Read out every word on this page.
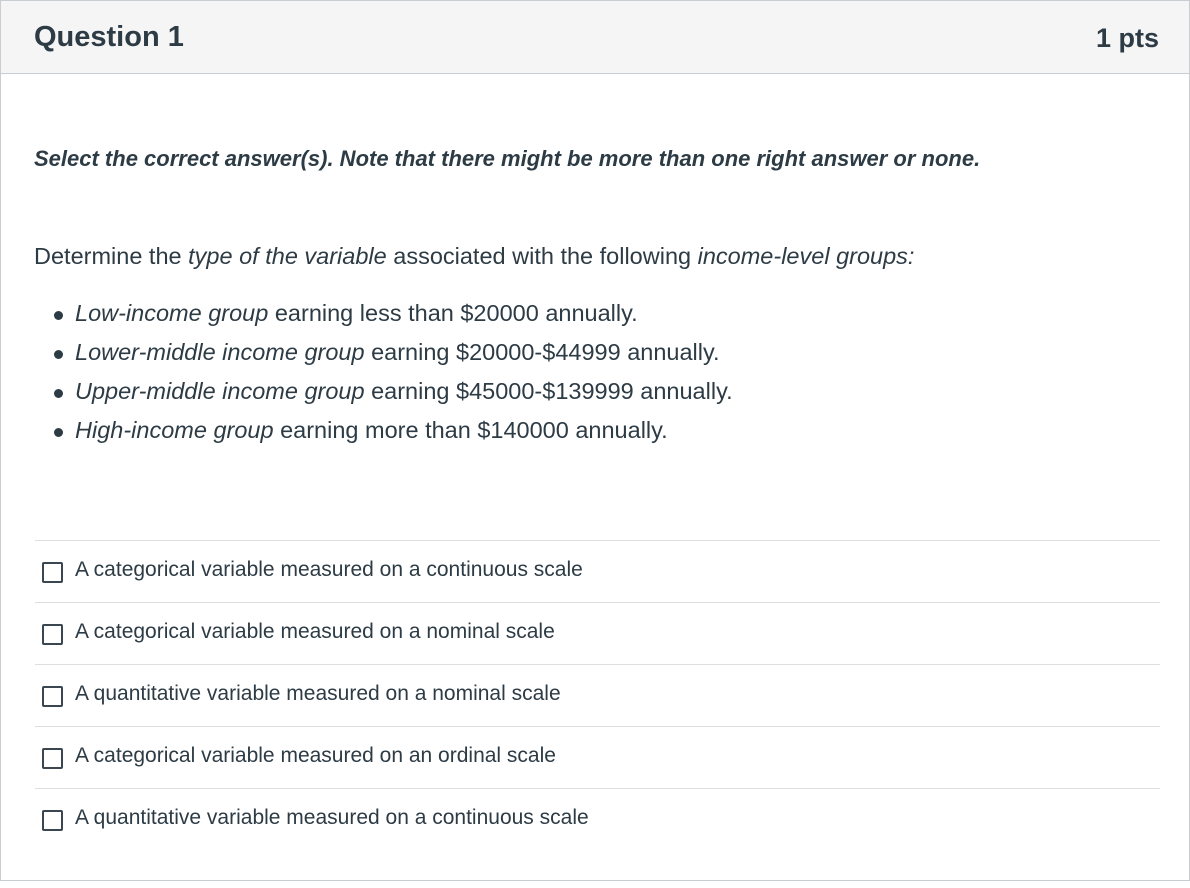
Question 1	1 pts
Select the correct answer(s). Note that there might be more than one right answer or none.
Determine the type of the variable associated with the following income-level groups:
Low-income group earning less than $20000 annually.
Lower-middle income group earning $20000-$44999 annually.
Upper-middle income group earning $45000-$139999 annually.
High-income group earning more than $140000 annually.
A categorical variable measured on a continuous scale
A categorical variable measured on a nominal scale
A quantitative variable measured on a nominal scale
A categorical variable measured on an ordinal scale
A quantitative variable measured on a continuous scale
